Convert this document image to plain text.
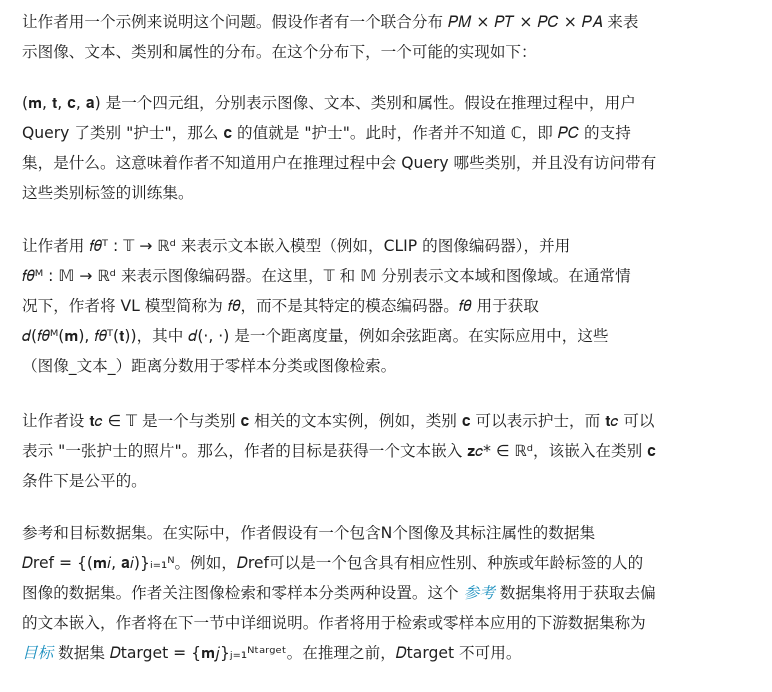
让作者用一个示例来说明这个问题。假设作者有一个联合分布 𝑃𝑀 × 𝑃𝑇 × 𝑃𝐶 × 𝑃𝐴 来表
示图像、文本、类别和属性的分布。在这个分布下，一个可能的实现如下：
(𝐦, 𝐭, 𝐜, 𝐚) 是一个四元组，分别表示图像、文本、类别和属性。假设在推理过程中，用户
Query 了类别 "护士"，那么 𝐜 的值就是 "护士"。此时，作者并不知道 ℂ，即 𝑃𝐶 的支持
集，是什么。这意味着作者不知道用户在推理过程中会 Query 哪些类别，并且没有访问带有
这些类别标签的训练集。
让作者用 𝑓𝜃ᵀ : 𝕋 → ℝᵈ 来表示文本嵌入模型（例如，CLIP 的图像编码器），并用
𝑓𝜃ᴹ : 𝕄 → ℝᵈ 来表示图像编码器。在这里，𝕋 和 𝕄 分别表示文本域和图像域。在通常情
况下，作者将 VL 模型简称为 𝑓𝜃，而不是其特定的模态编码器。𝑓𝜃 用于获取
𝑑(𝑓𝜃ᴹ(𝐦), 𝑓𝜃ᵀ(𝐭))，其中 𝑑(·, ·) 是一个距离度量，例如余弦距离。在实际应用中，这些
（图像_文本_）距离分数用于零样本分类或图像检索。
让作者设 𝐭𝑐 ∈ 𝕋 是一个与类别 𝐜 相关的文本实例，例如，类别 𝐜 可以表示护士，而 𝐭𝑐 可以
表示 "一张护士的照片"。那么，作者的目标是获得一个文本嵌入 𝐳𝑐* ∈ ℝᵈ，该嵌入在类别 𝐜
条件下是公平的。
参考和目标数据集。在实际中，作者假设有一个包含N个图像及其标注属性的数据集
𝐷ref = {(𝐦𝑖, 𝐚𝑖)}ᵢ₌₁ᴺ。例如，𝐷ref可以是一个包含具有相应性别、种族或年龄标签的人的
图像的数据集。作者关注图像检索和零样本分类两种设置。这个 参考 数据集将用于获取去偏
的文本嵌入，作者将在下一节中详细说明。作者将用于检索或零样本应用的下游数据集称为
目标 数据集 𝐷target = {𝐦𝑗}ⱼ₌₁ᴺᵗᵃʳᵍᵉᵗ。在推理之前，𝐷target 不可用。
